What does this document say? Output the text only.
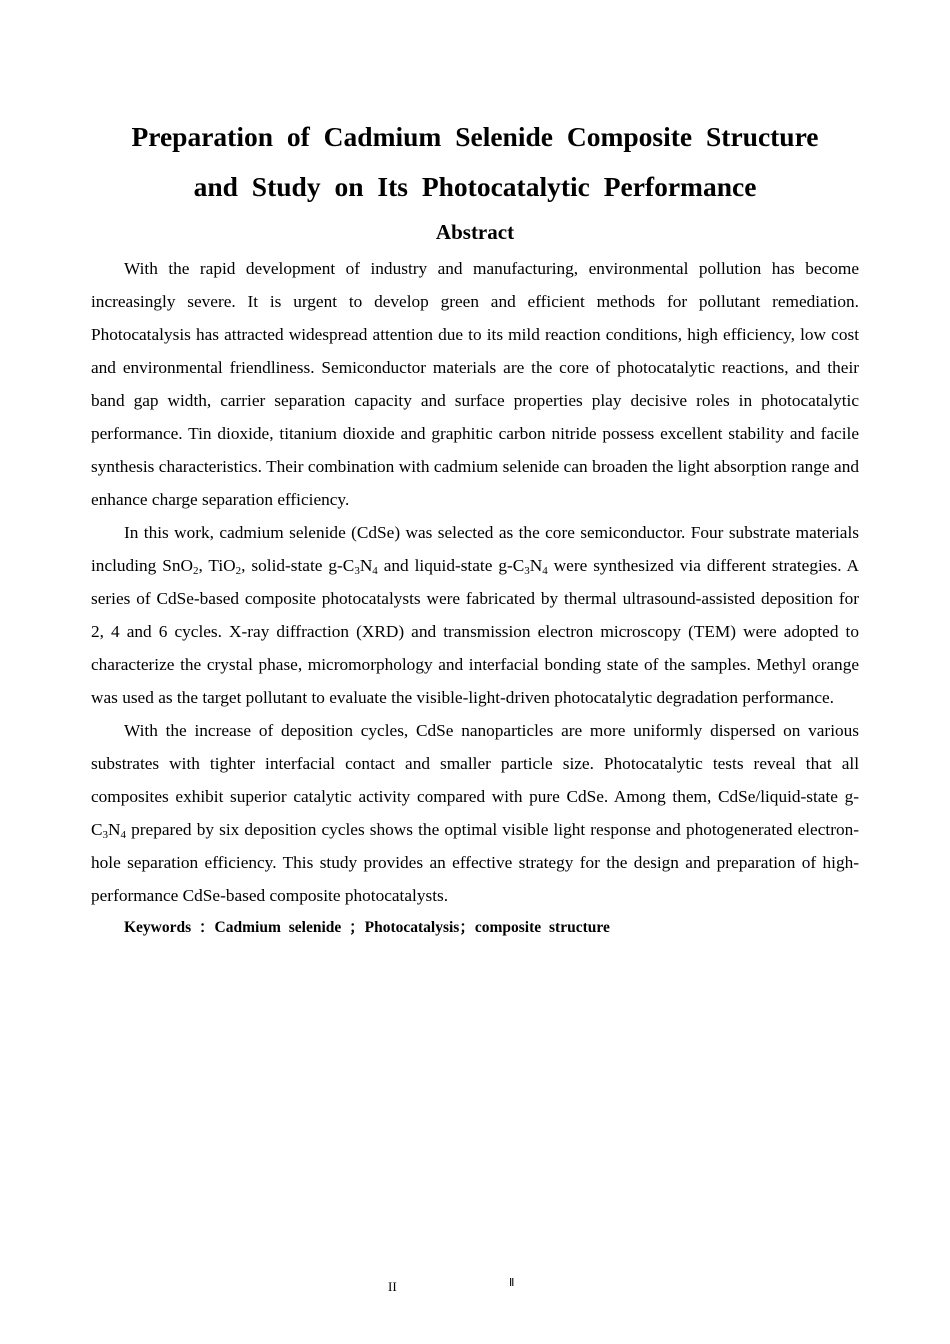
Preparation of Cadmium Selenide Composite Structure
and Study on Its Photocatalytic Performance
Abstract

With the rapid development of industry and manufacturing, environmental pollution has become increasingly severe. It is urgent to develop green and efficient methods for pollutant remediation. Photocatalysis has attracted widespread attention due to its mild reaction conditions, high efficiency, low cost and environmental friendliness. Semiconductor materials are the core of photocatalytic reactions, and their band gap width, carrier separation capacity and surface properties play decisive roles in photocatalytic performance. Tin dioxide, titanium dioxide and graphitic carbon nitride possess excellent stability and facile synthesis characteristics. Their combination with cadmium selenide can broaden the light absorption range and enhance charge separation efficiency.

In this work, cadmium selenide (CdSe) was selected as the core semiconductor. Four substrate materials including SnO$_2$, TiO$_2$, solid-state $g-C_3N_4$ and liquid-state $g-C_3N_4$ were synthesized via different strategies. A series of CdSe-based composite photocatalysts were fabricated by thermal ultrasound-assisted deposition for 2, 4 and 6 cycles. X-ray diffraction (XRD) and transmission electron microscopy (TEM) were adopted to characterize the crystal phase, micromorphology and interfacial bonding state of the samples. Methyl orange was used as the target pollutant to evaluate the visible-light-driven photocatalytic degradation performance.

With the increase of deposition cycles, CdSe nanoparticles are more uniformly dispersed on various substrates with tighter interfacial contact and smaller particle size. Photocatalytic tests reveal that all composites exhibit superior catalytic activity compared with pure CdSe. Among them, CdSe/liquid-state $g-C_3N_4$ prepared by six deposition cycles shows the optimal visible light response and photogenerated electron-hole separation efficiency. This study provides an effective strategy for the design and preparation of high-performance CdSe-based composite photocatalysts.

Keywords ：Cadmium selenide ；Photocatalysis；composite structure

II	Ⅱ
